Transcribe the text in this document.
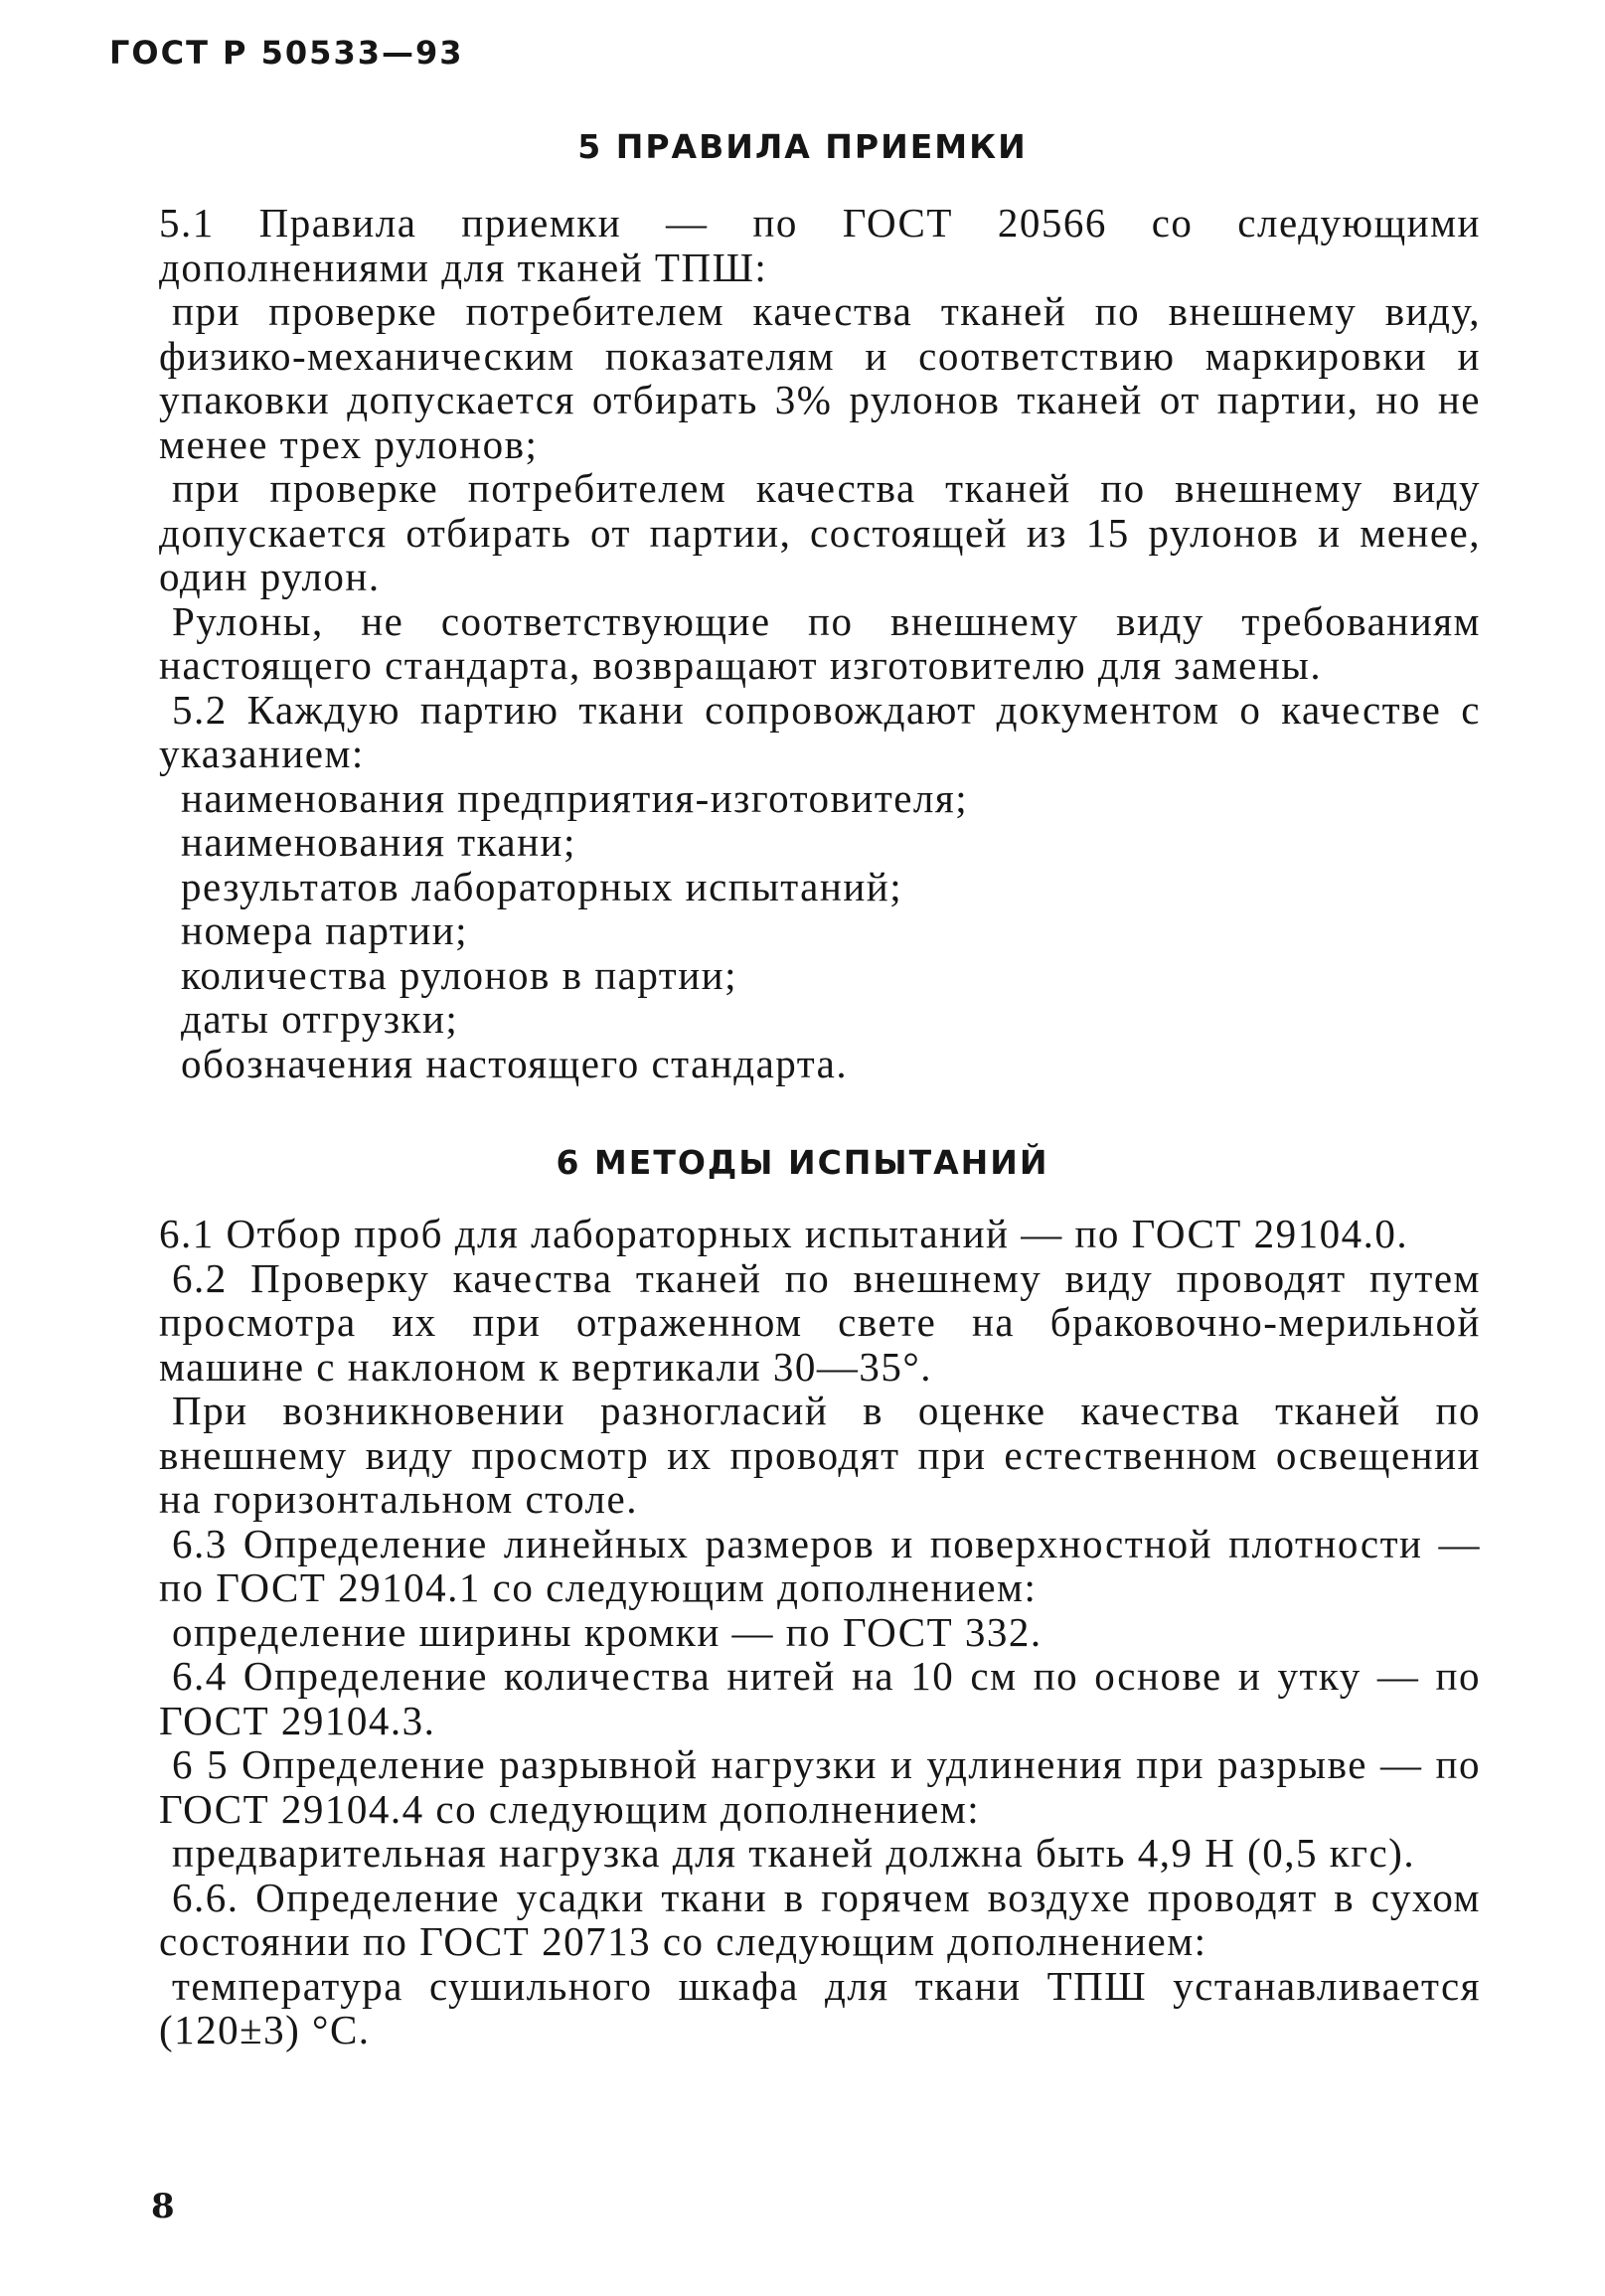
ГОСТ Р 50533—93
5 ПРАВИЛА ПРИЕМКИ

5.1 Правила приемки — по ГОСТ 20566 со следующими дополнениями для тканей ТПШ:

при проверке потребителем качества тканей по внешнему виду, физико-механическим показателям и соответствию маркировки и упаковки допускается отбирать 3% рулонов тканей от партии, но не менее трех рулонов;

при проверке потребителем качества тканей по внешнему виду допускается отбирать от партии, состоящей из 15 рулонов и менее, один рулон.

Рулоны, не соответствующие по внешнему виду требованиям настоящего стандарта, возвращают изготовителю для замены.

5.2 Каждую партию ткани сопровождают документом о качестве с указанием:

наименования предприятия-изготовителя;

наименования ткани;

результатов лабораторных испытаний;

номера партии;

количества рулонов в партии;

даты отгрузки;

обозначения настоящего стандарта.

6 МЕТОДЫ ИСПЫТАНИЙ

6.1 Отбор проб для лабораторных испытаний — по ГОСТ 29104.0.

6.2 Проверку качества тканей по внешнему виду проводят путем просмотра их при отраженном свете на браковочно-мерильной машине с наклоном к вертикали 30—35°.

При возникновении разногласий в оценке качества тканей по внешнему виду просмотр их проводят при естественном освещении на горизонтальном столе.

6.3 Определение линейных размеров и поверхностной плотности — по ГОСТ 29104.1 со следующим дополнением:

определение ширины кромки — по ГОСТ 332.

6.4 Определение количества нитей на 10 см по основе и утку — по ГОСТ 29104.3.

6 5 Определение разрывной нагрузки и удлинения при разрыве — по ГОСТ 29104.4 со следующим дополнением:

предварительная нагрузка для тканей должна быть 4,9 Н (0,5 кгс).

6.6. Определение усадки ткани в горячем воздухе проводят в сухом состоянии по ГОСТ 20713 со следующим дополнением:

температура сушильного шкафа для ткани ТПШ устанавливается (120±3) °С.

8
